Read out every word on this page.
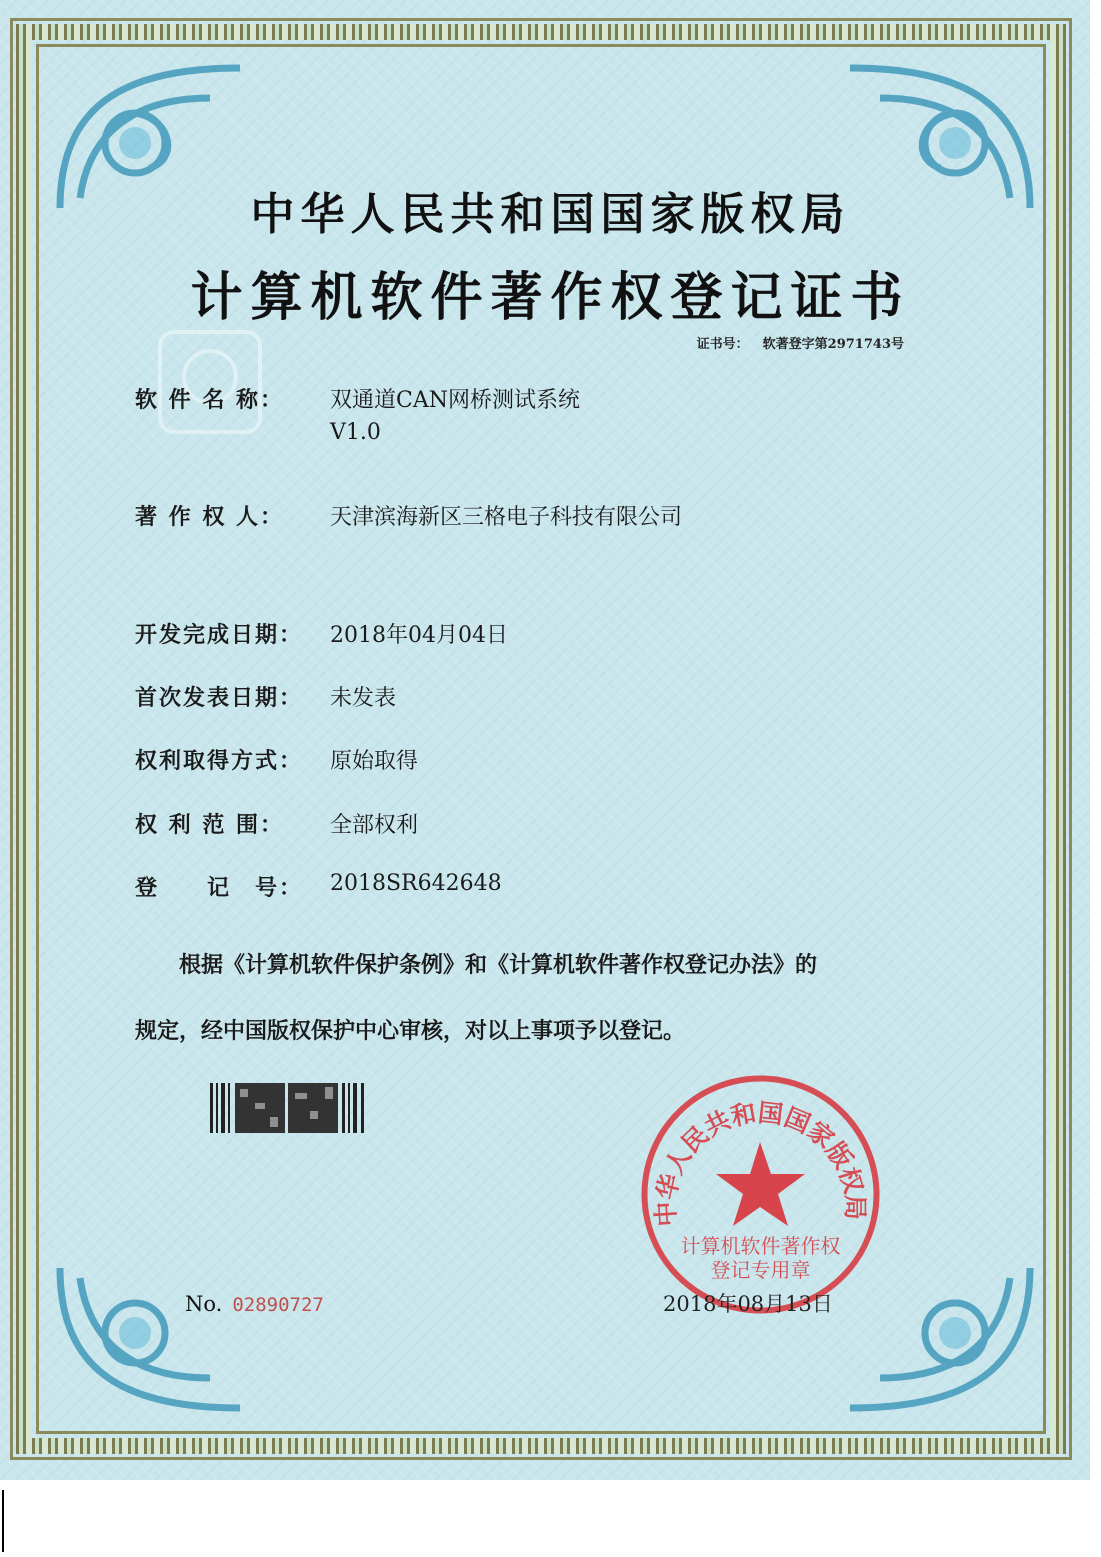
中华人民共和国国家版权局
计算机软件著作权登记证书
证书号： 软著登字第2971743号
软 件 名 称： 双通道CAN网桥测试系统
V1.0
著 作 权 人： 天津滨海新区三格电子科技有限公司
开发完成日期： 2018年04月04日
首次发表日期： 未发表
权利取得方式： 原始取得
权 利 范 围： 全部权利
登　　记　号： 2018SR642648
根据《计算机软件保护条例》和《计算机软件著作权登记办法》的
规定，经中国版权保护中心审核，对以上事项予以登记。
No. 02890727
中华人民共和国国家版权局
计算机软件著作权
登记专用章
2018年08月13日
